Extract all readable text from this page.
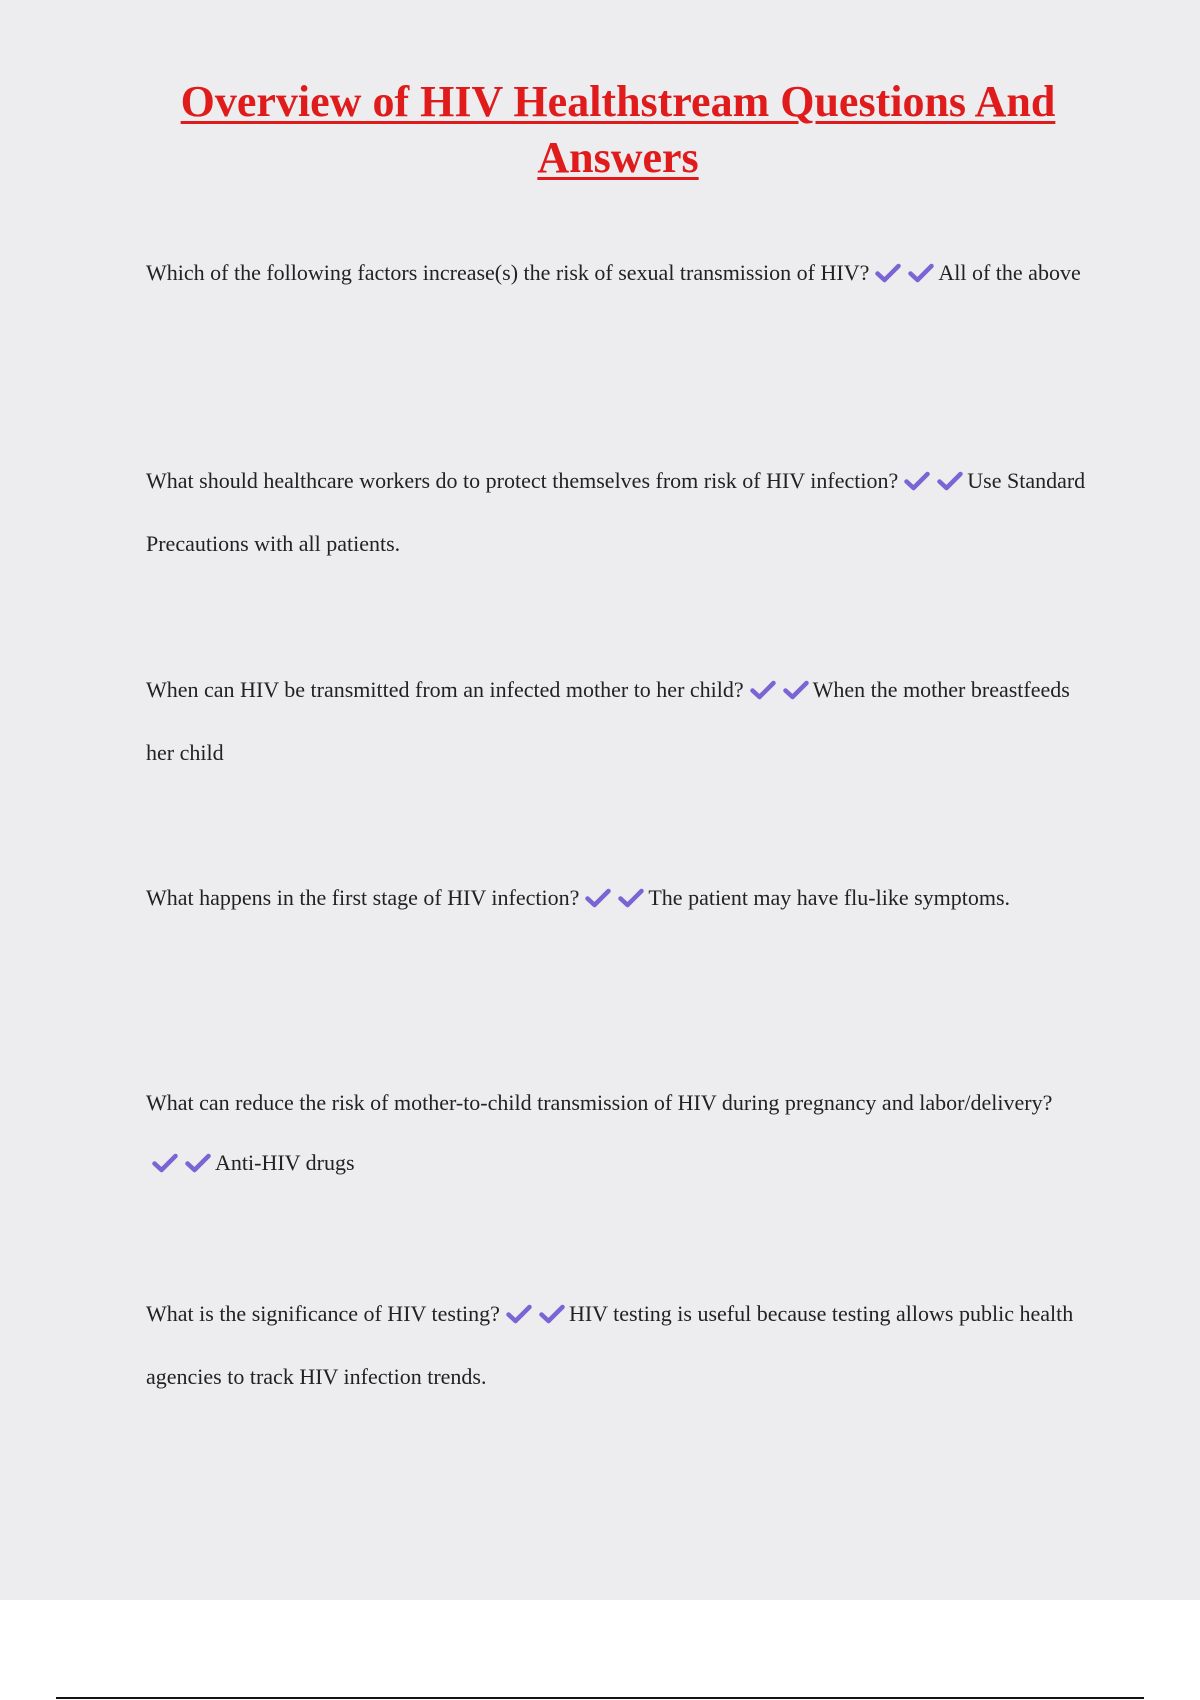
Overview of HIV Healthstream Questions And Answers

Which of the following factors increase(s) the risk of sexual transmission of HIV?	All of the above

What should healthcare workers do to protect themselves from risk of HIV infection?	Use Standard Precautions with all patients.

When can HIV be transmitted from an infected mother to her child?	When the mother breastfeeds her child

What happens in the first stage of HIV infection?	The patient may have flu-like symptoms.

What can reduce the risk of mother-to-child transmission of HIV during pregnancy and labor/delivery?
Anti-HIV drugs

What is the significance of HIV testing?	HIV testing is useful because testing allows public health agencies to track HIV infection trends.
